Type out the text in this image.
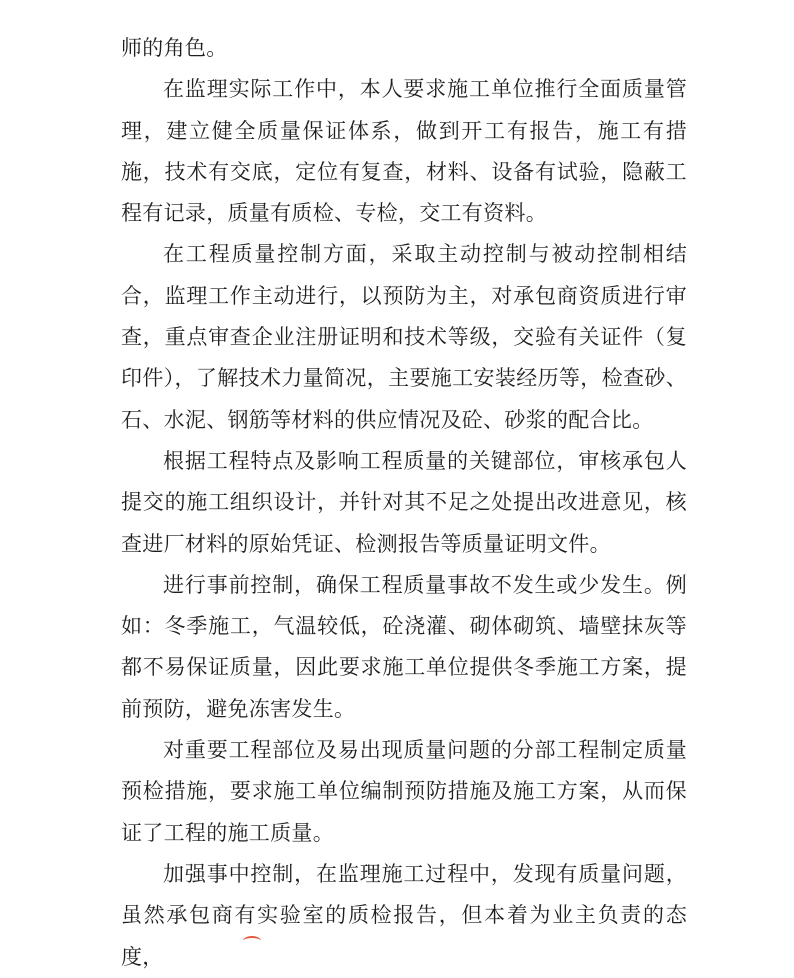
师的角色。

在监理实际工作中，本人要求施工单位推行全面质量管理，建立健全质量保证体系，做到开工有报告，施工有措施，技术有交底，定位有复查，材料、设备有试验，隐蔽工程有记录，质量有质检、专检，交工有资料。

在工程质量控制方面，采取主动控制与被动控制相结合，监理工作主动进行，以预防为主，对承包商资质进行审查，重点审查企业注册证明和技术等级，交验有关证件（复印件），了解技术力量简况，主要施工安装经历等，检查砂、石、水泥、钢筋等材料的供应情况及砼、砂浆的配合比。

根据工程特点及影响工程质量的关键部位，审核承包人提交的施工组织设计，并针对其不足之处提出改进意见，核查进厂材料的原始凭证、检测报告等质量证明文件。

进行事前控制，确保工程质量事故不发生或少发生。例如：冬季施工，气温较低，砼浇灌、砌体砌筑、墙壁抹灰等都不易保证质量，因此要求施工单位提供冬季施工方案，提前预防，避免冻害发生。

对重要工程部位及易出现质量问题的分部工程制定质量预检措施，要求施工单位编制预防措施及施工方案，从而保证了工程的施工质量。

加强事中控制，在监理施工过程中，发现有质量问题，虽然承包商有实验室的质检报告，但本着为业主负责的态度，
